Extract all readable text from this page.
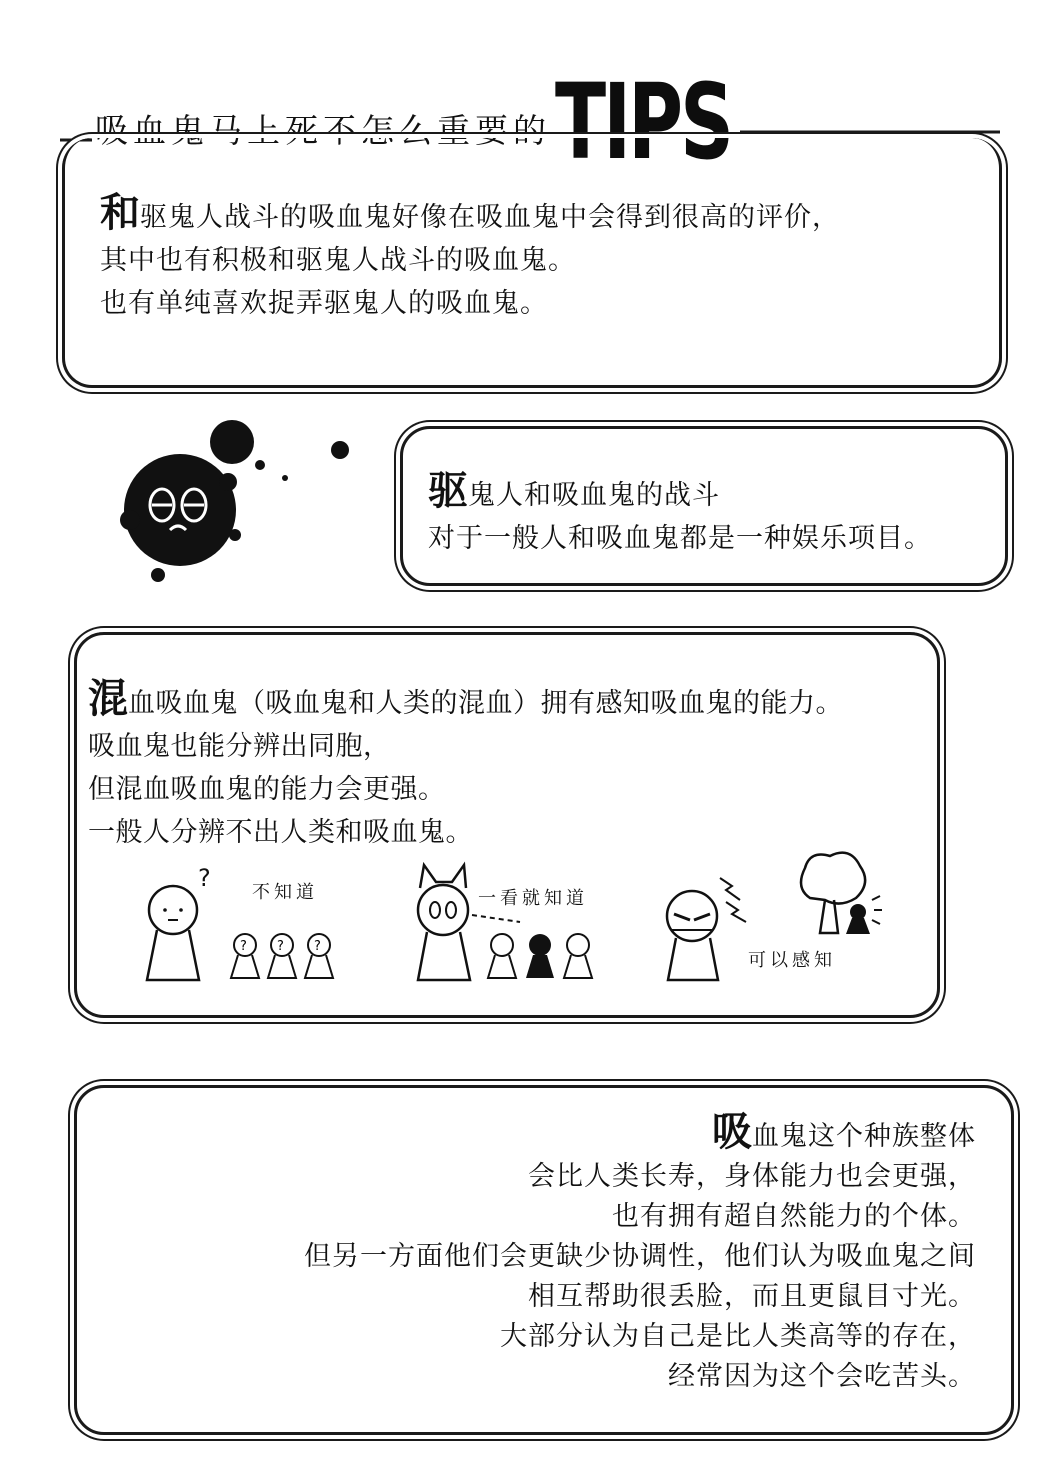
吸血鬼马上死不怎么重要的 TIPS

和驱鬼人战斗的吸血鬼好像在吸血鬼中会得到很高的评价，

其中也有积极和驱鬼人战斗的吸血鬼。

也有单纯喜欢捉弄驱鬼人的吸血鬼。

驱鬼人和吸血鬼的战斗

对于一般人和吸血鬼都是一种娱乐项目。

混血吸血鬼（吸血鬼和人类的混血）拥有感知吸血鬼的能力。

吸血鬼也能分辨出同胞，

但混血吸血鬼的能力会更强。

一般人分辨不出人类和吸血鬼。

? ? ?
?
不知道	一看就知道
可以感知

吸血鬼这个种族整体

会比人类长寿，身体能力也会更强，

也有拥有超自然能力的个体。

但另一方面他们会更缺少协调性，他们认为吸血鬼之间

相互帮助很丢脸，而且更鼠目寸光。

大部分认为自己是比人类高等的存在，

经常因为这个会吃苦头。
